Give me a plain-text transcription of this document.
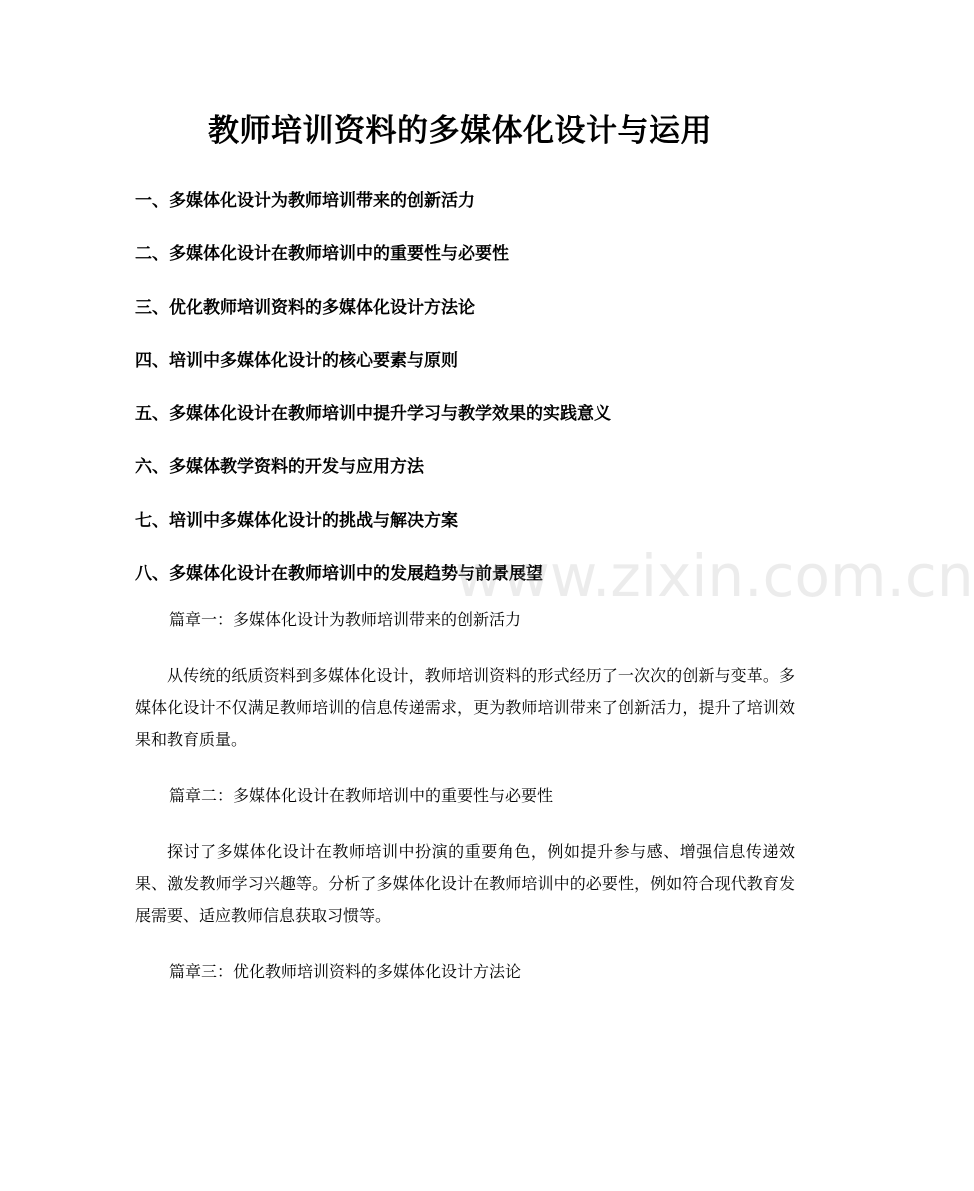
教师培训资料的多媒体化设计与运用
一、多媒体化设计为教师培训带来的创新活力
二、多媒体化设计在教师培训中的重要性与必要性
三、优化教师培训资料的多媒体化设计方法论
四、培训中多媒体化设计的核心要素与原则
五、多媒体化设计在教师培训中提升学习与教学效果的实践意义
六、多媒体教学资料的开发与应用方法
七、培训中多媒体化设计的挑战与解决方案
八、多媒体化设计在教师培训中的发展趋势与前景展望

篇章一：多媒体化设计为教师培训带来的创新活力

从传统的纸质资料到多媒体化设计，教师培训资料的形式经历了一次次的创新与变革。多媒体化设计不仅满足教师培训的信息传递需求，更为教师培训带来了创新活力，提升了培训效果和教育质量。

篇章二：多媒体化设计在教师培训中的重要性与必要性

探讨了多媒体化设计在教师培训中扮演的重要角色，例如提升参与感、增强信息传递效果、激发教师学习兴趣等。分析了多媒体化设计在教师培训中的必要性，例如符合现代教育发展需要、适应教师信息获取习惯等。

篇章三：优化教师培训资料的多媒体化设计方法论

www.zixin.com.cn
